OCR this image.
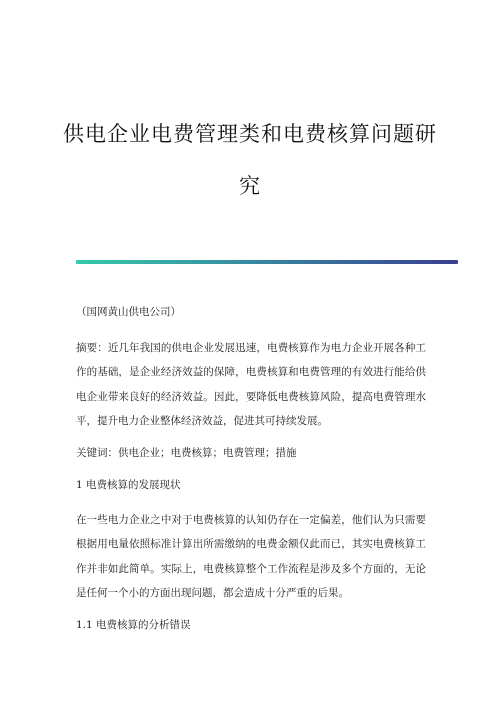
供电企业电费管理类和电费核算问题研
究
（国网黄山供电公司）
摘要：近几年我国的供电企业发展迅速，电费核算作为电力企业开展各种工作的基础，是企业经济效益的保障，电费核算和电费管理的有效进行能给供电企业带来良好的经济效益。因此，要降低电费核算风险，提高电费管理水平，提升电力企业整体经济效益，促进其可持续发展。
关键词：供电企业；电费核算；电费管理；措施
1 电费核算的发展现状
在一些电力企业之中对于电费核算的认知仍存在一定偏差，他们认为只需要根据用电量依照标准计算出所需缴纳的电费金额仅此而已，其实电费核算工作并非如此简单。实际上，电费核算整个工作流程是涉及多个方面的，无论是任何一个小的方面出现问题，都会造成十分严重的后果。
1.1 电费核算的分析错误
